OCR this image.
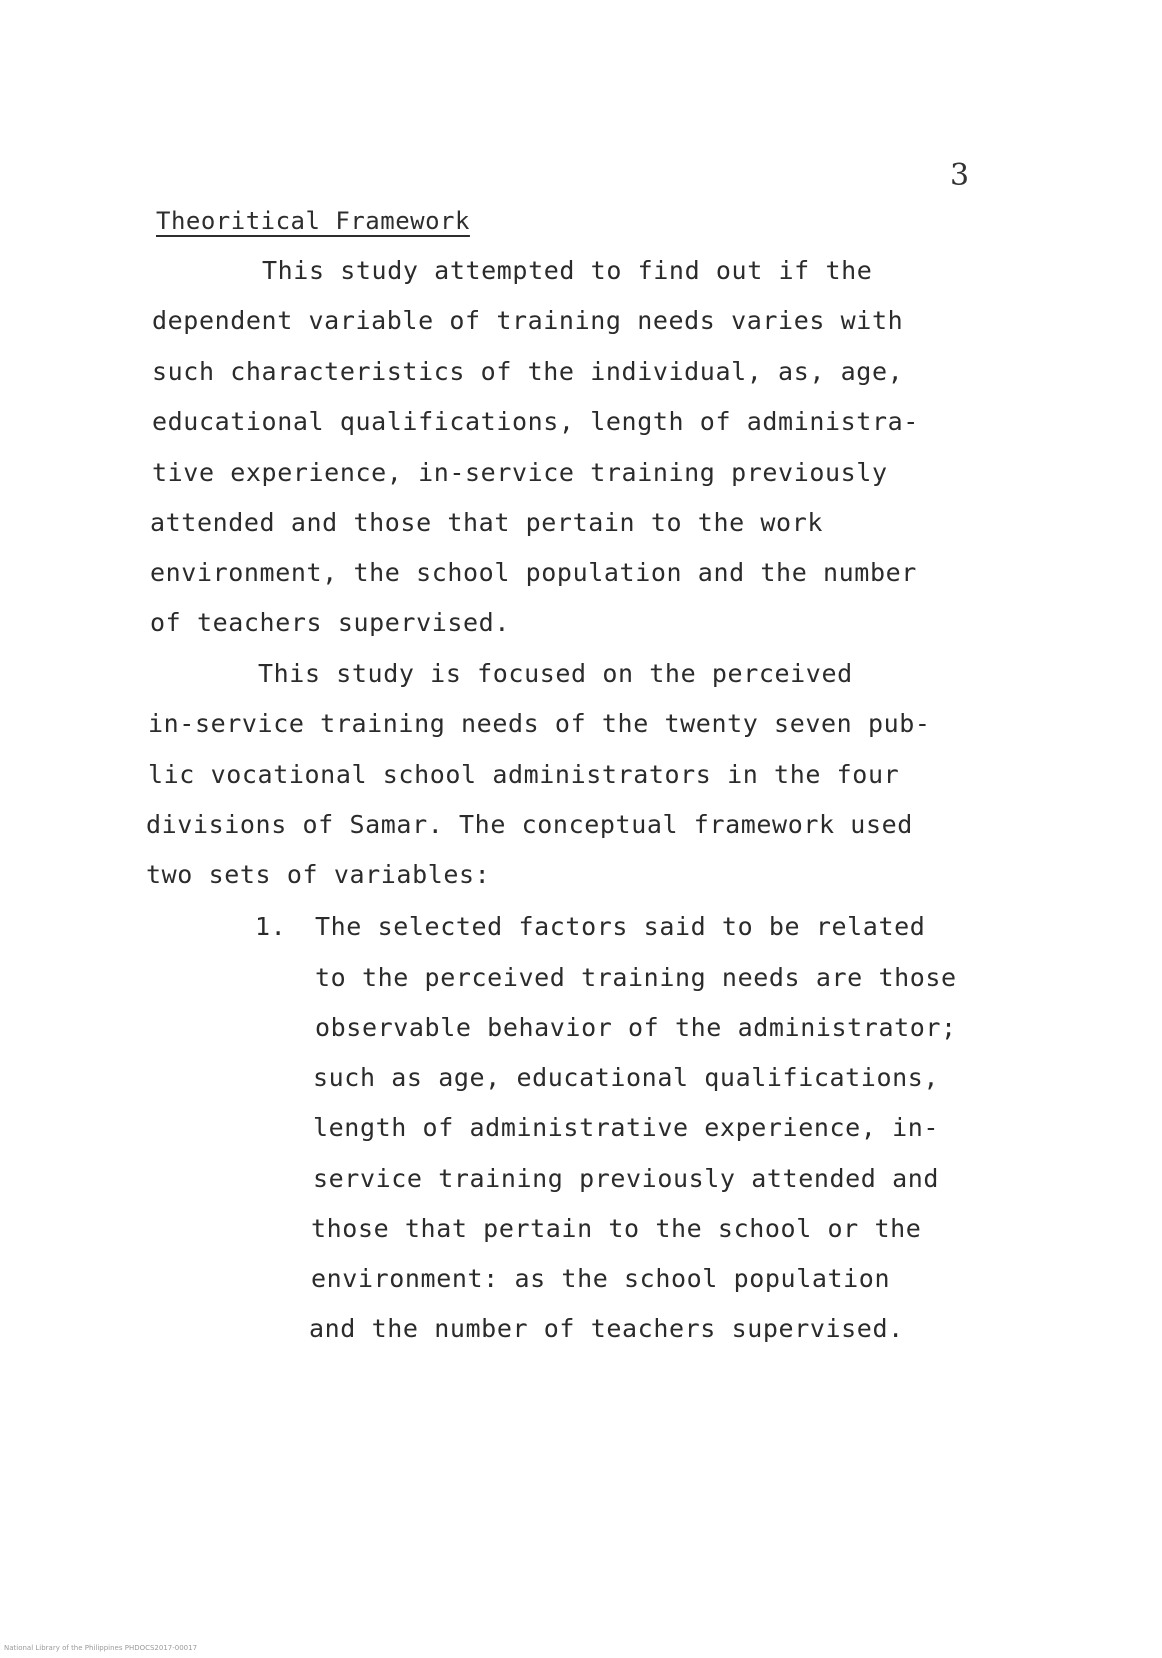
3
Theoritical Framework
This study attempted to find out if the
dependent variable of training needs varies with
such characteristics of the individual, as, age,
educational qualifications, length of administra-
tive experience, in-service training previously
attended and those that pertain to the work
environment, the school population and the number
of teachers supervised.
This study is focused on the perceived
in-service training needs of the twenty seven pub-
lic vocational school administrators in the four
divisions of Samar. The conceptual framework used
two sets of variables:
1. The selected factors said to be related
to the perceived training needs are those
observable behavior of the administrator;
such as age, educational qualifications,
length of administrative experience, in-
service training previously attended and
those that pertain to the school or the
environment: as the school population
and the number of teachers supervised.
National Library of the Philippines PHDOCS2017-00017
